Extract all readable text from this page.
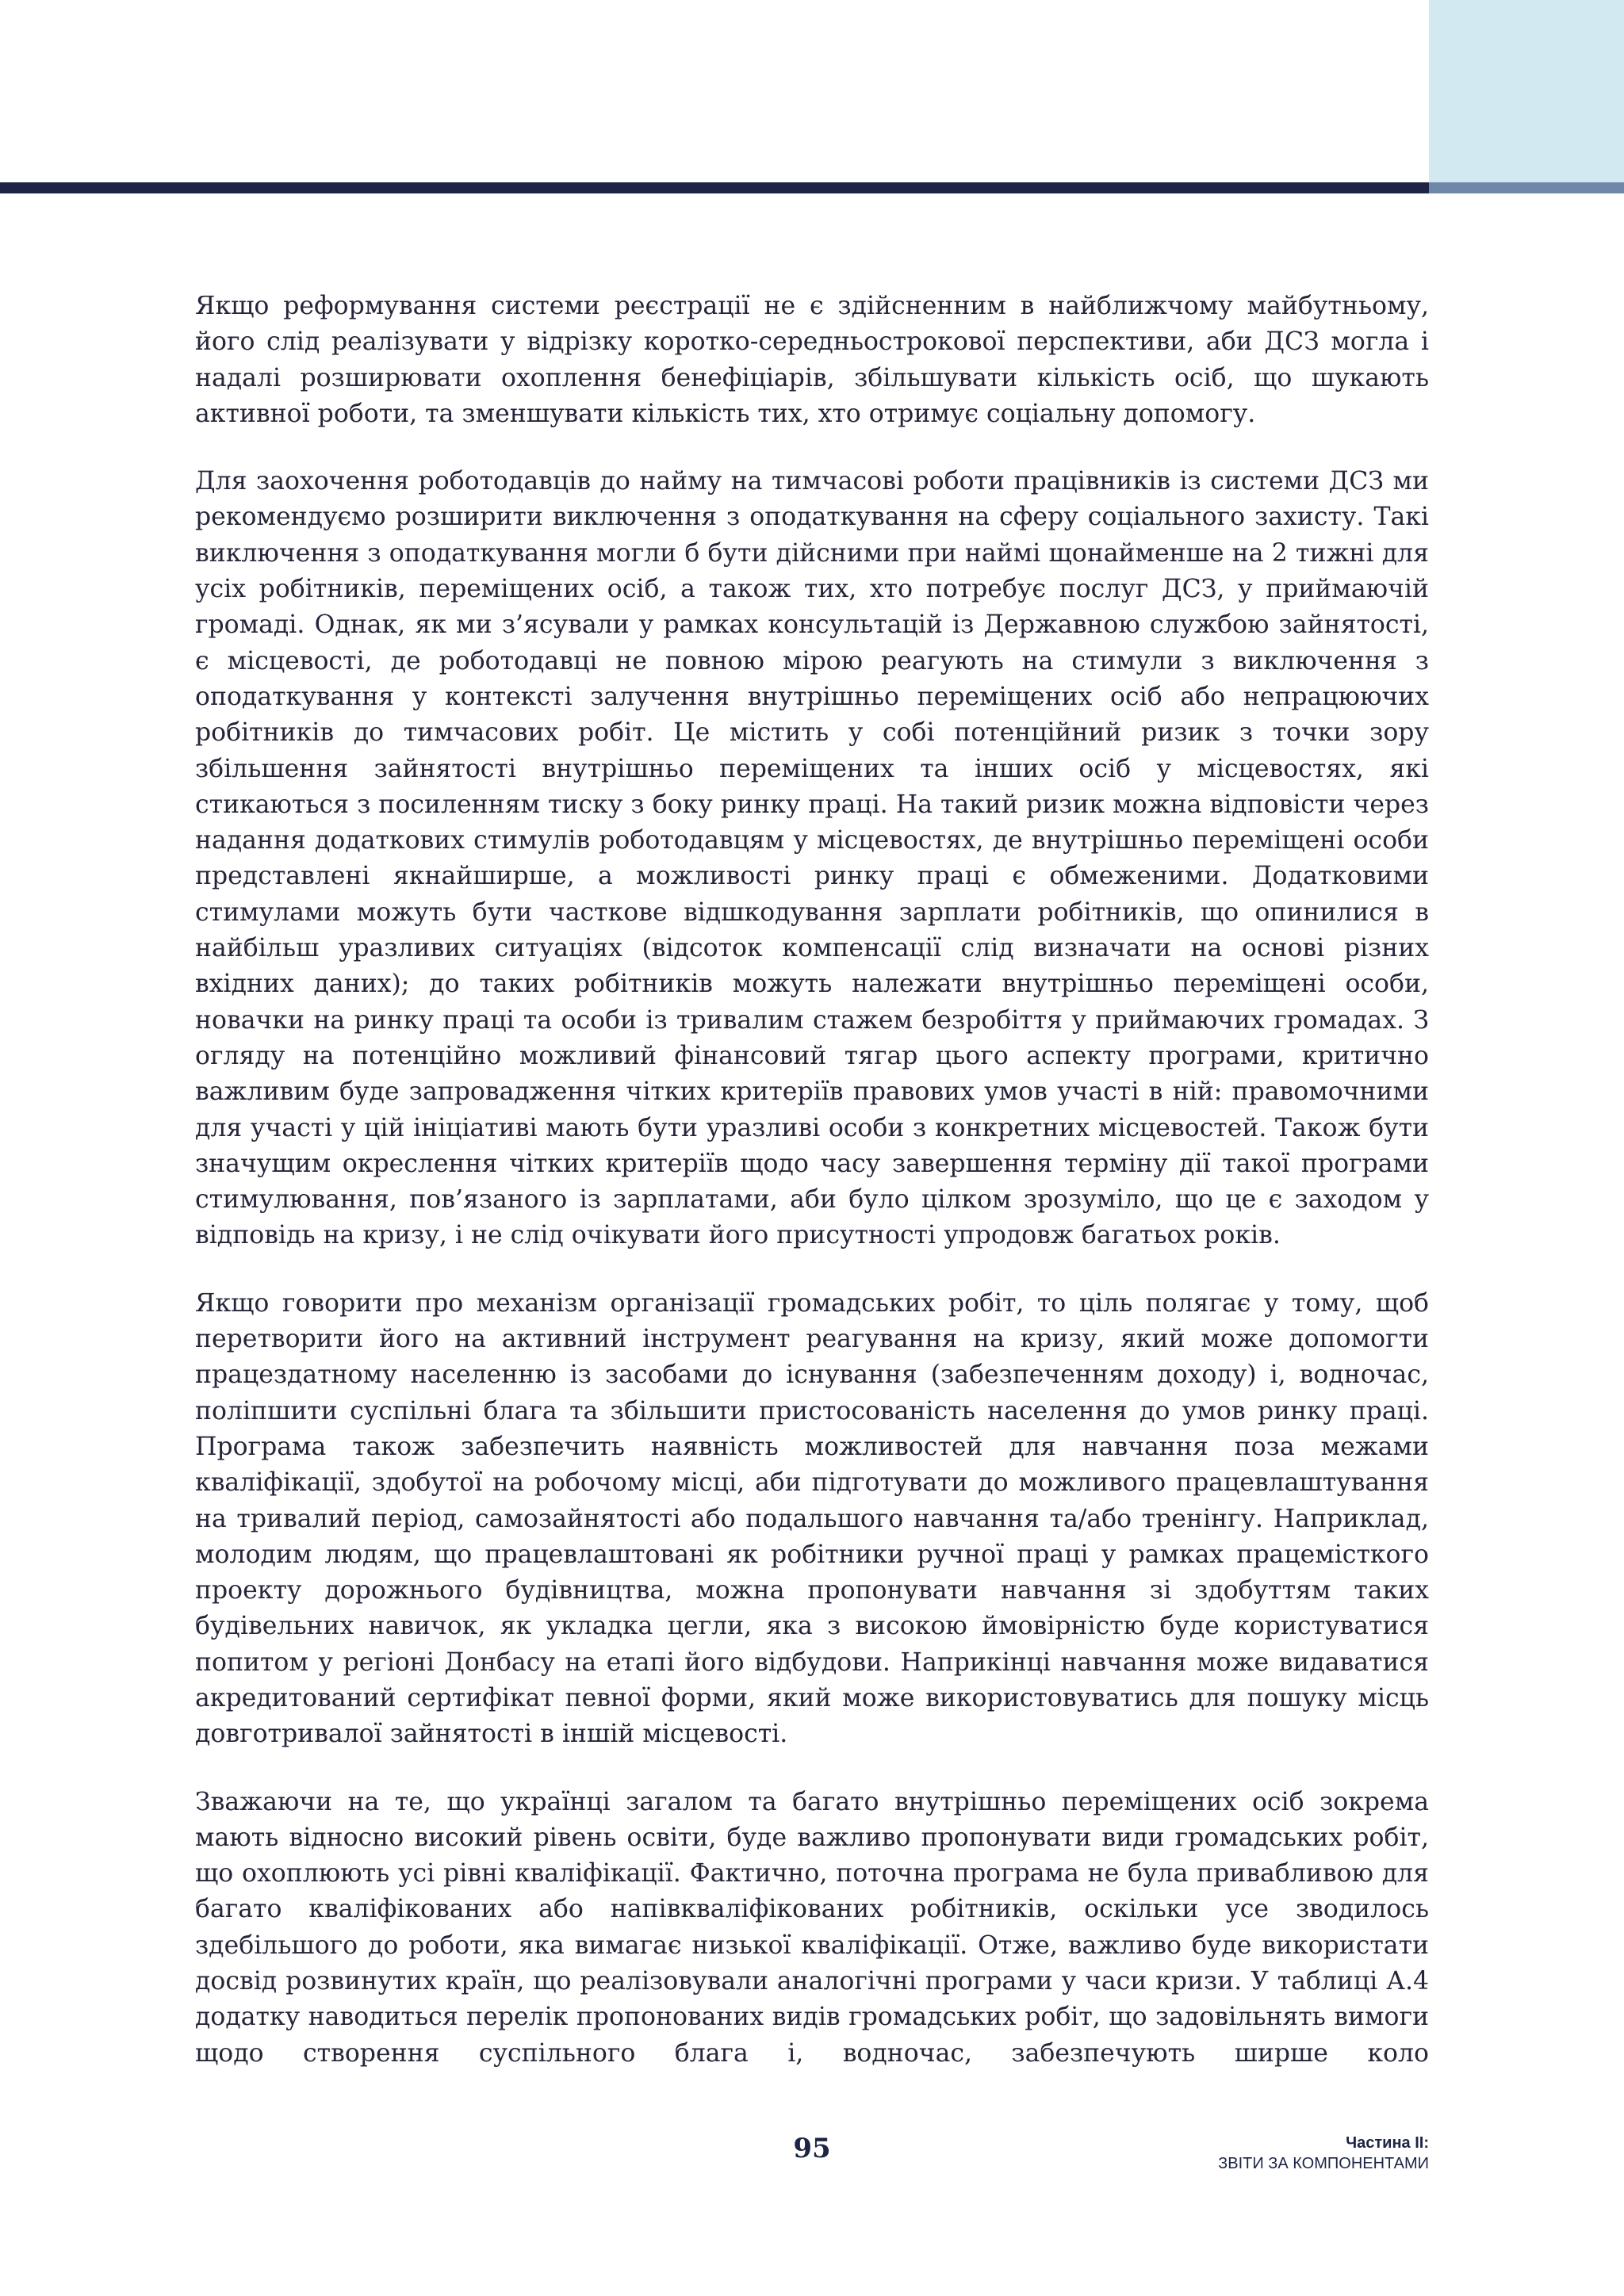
Якщо реформування системи реєстрації не є здійсненним в найближчому майбутньому, його слід реалізувати у відрізку коротко-середньострокової перспективи, аби ДСЗ могла і надалі розширювати охоплення бенефіціарів, збільшувати кількість осіб, що шукають активної роботи, та зменшувати кількість тих, хто отримує соціальну допомогу.

Для заохочення роботодавців до найму на тимчасові роботи працівників із системи ДСЗ ми рекомендуємо розширити виключення з оподаткування на сферу соціального захисту. Такі виключення з оподаткування могли б бути дійсними при наймі щонайменше на 2 тижні для усіх робітників, переміщених осіб, а також тих, хто потребує послуг ДСЗ, у приймаючій громаді. Однак, як ми з’ясували у рамках консультацій із Державною службою зайнятості, є місцевості, де роботодавці не повною мірою реагують на стимули з виключення з оподаткування у контексті залучення внутрішньо переміщених осіб або непрацюючих робітників до тимчасових робіт. Це містить у собі потенційний ризик з точки зору збільшення зайнятості внутрішньо переміщених та інших осіб у місцевостях, які стикаються з посиленням тиску з боку ринку праці. На такий ризик можна відповісти через надання додаткових стимулів роботодавцям у місцевостях, де внутрішньо переміщені особи представлені якнайширше, а можливості ринку праці є обмеженими. Додатковими стимулами можуть бути часткове відшкодування зарплати робітників, що опинилися в найбільш уразливих ситуаціях (відсоток компенсації слід визначати на основі різних вхідних даних); до таких робітників можуть належати внутрішньо переміщені особи, новачки на ринку праці та особи із тривалим стажем безробіття у приймаючих громадах. З огляду на потенційно можливий фінансовий тягар цього аспекту програми, критично важливим буде запровадження чітких критеріїв правових умов участі в ній: правомочними для участі у цій ініціативі мають бути уразливі особи з конкретних місцевостей. Також бути значущим окреслення чітких критеріїв щодо часу завершення терміну дії такої програми стимулювання, пов’язаного із зарплатами, аби було цілком зрозуміло, що це є заходом у відповідь на кризу, і не слід очікувати його присутності упродовж багатьох років.

Якщо говорити про механізм організації громадських робіт, то ціль полягає у тому, щоб перетворити його на активний інструмент реагування на кризу, який може допомогти працездатному населенню із засобами до існування (забезпеченням доходу) і, водночас, поліпшити суспільні блага та збільшити пристосованість населення до умов ринку праці. Програма також забезпечить наявність можливостей для навчання поза межами кваліфікації, здобутої на робочому місці, аби підготувати до можливого працевлаштування на тривалий період, самозайнятості або подальшого навчання та/або тренінгу. Наприклад, молодим людям, що працевлаштовані як робітники ручної праці у рамках працемісткого проекту дорожнього будівництва, можна пропонувати навчання зі здобуттям таких будівельних навичок, як укладка цегли, яка з високою ймовірністю буде користуватися попитом у регіоні Донбасу на етапі його відбудови. Наприкінці навчання може видаватися акредитований сертифікат певної форми, який може використовуватись для пошуку місць довготривалої зайнятості в іншій місцевості.

Зважаючи на те, що українці загалом та багато внутрішньо переміщених осіб зокрема мають відносно високий рівень освіти, буде важливо пропонувати види громадських робіт, що охоплюють усі рівні кваліфікації. Фактично, поточна програма не була привабливою для багато кваліфікованих або напівкваліфікованих робітників, оскільки усе зводилось здебільшого до роботи, яка вимагає низької кваліфікації. Отже, важливо буде використати досвід розвинутих країн, що реалізовували аналогічні програми у часи кризи. У таблиці А.4 додатку наводиться перелік пропонованих видів громадських робіт, що задовільнять вимоги щодо створення суспільного блага і, водночас, забезпечують ширше коло

95	Частина II:
ЗВІТИ ЗА КОМПОНЕНТАМИ
